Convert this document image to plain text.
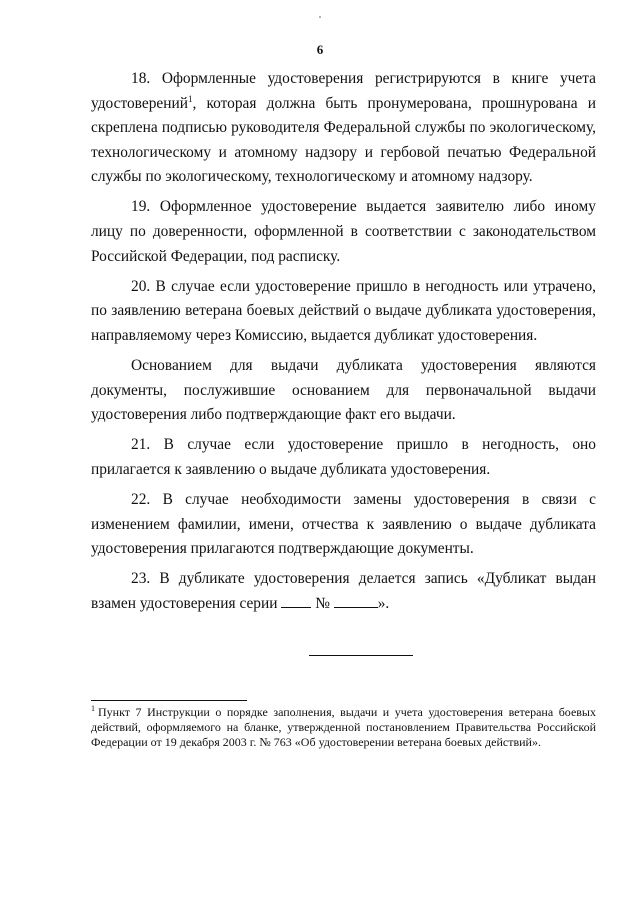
6

18. Оформленные удостоверения регистрируются в книге учета удостоверений$^1$, которая должна быть пронумерована, прошнурована и скреплена подписью руководителя Федеральной службы по экологическому, технологическому и атомному надзору и гербовой печатью Федеральной службы по экологическому, технологическому и атомному надзору.

19. Оформленное удостоверение выдается заявителю либо иному лицу по доверенности, оформленной в соответствии с законодательством Российской Федерации, под расписку.

20. В случае если удостоверение пришло в негодность или утрачено, по заявлению ветерана боевых действий о выдаче дубликата удостоверения, направляемому через Комиссию, выдается дубликат удостоверения.

Основанием для выдачи дубликата удостоверения являются документы, послужившие основанием для первоначальной выдачи удостоверения либо подтверждающие факт его выдачи.

21. В случае если удостоверение пришло в негодность, оно прилагается к заявлению о выдаче дубликата удостоверения.

22. В случае необходимости замены удостоверения в связи с изменением фамилии, имени, отчества к заявлению о выдаче дубликата удостоверения прилагаются подтверждающие документы.

23. В дубликате удостоверения делается запись «Дубликат выдан взамен удостоверения серии №	».

$^1$ Пункт 7 Инструкции о порядке заполнения, выдачи и учета удостоверения ветерана боевых действий, оформляемого на бланке, утвержденной постановлением Правительства Российской Федерации от 19 декабря 2003 г. № 763 «Об удостоверении ветерана боевых действий».
